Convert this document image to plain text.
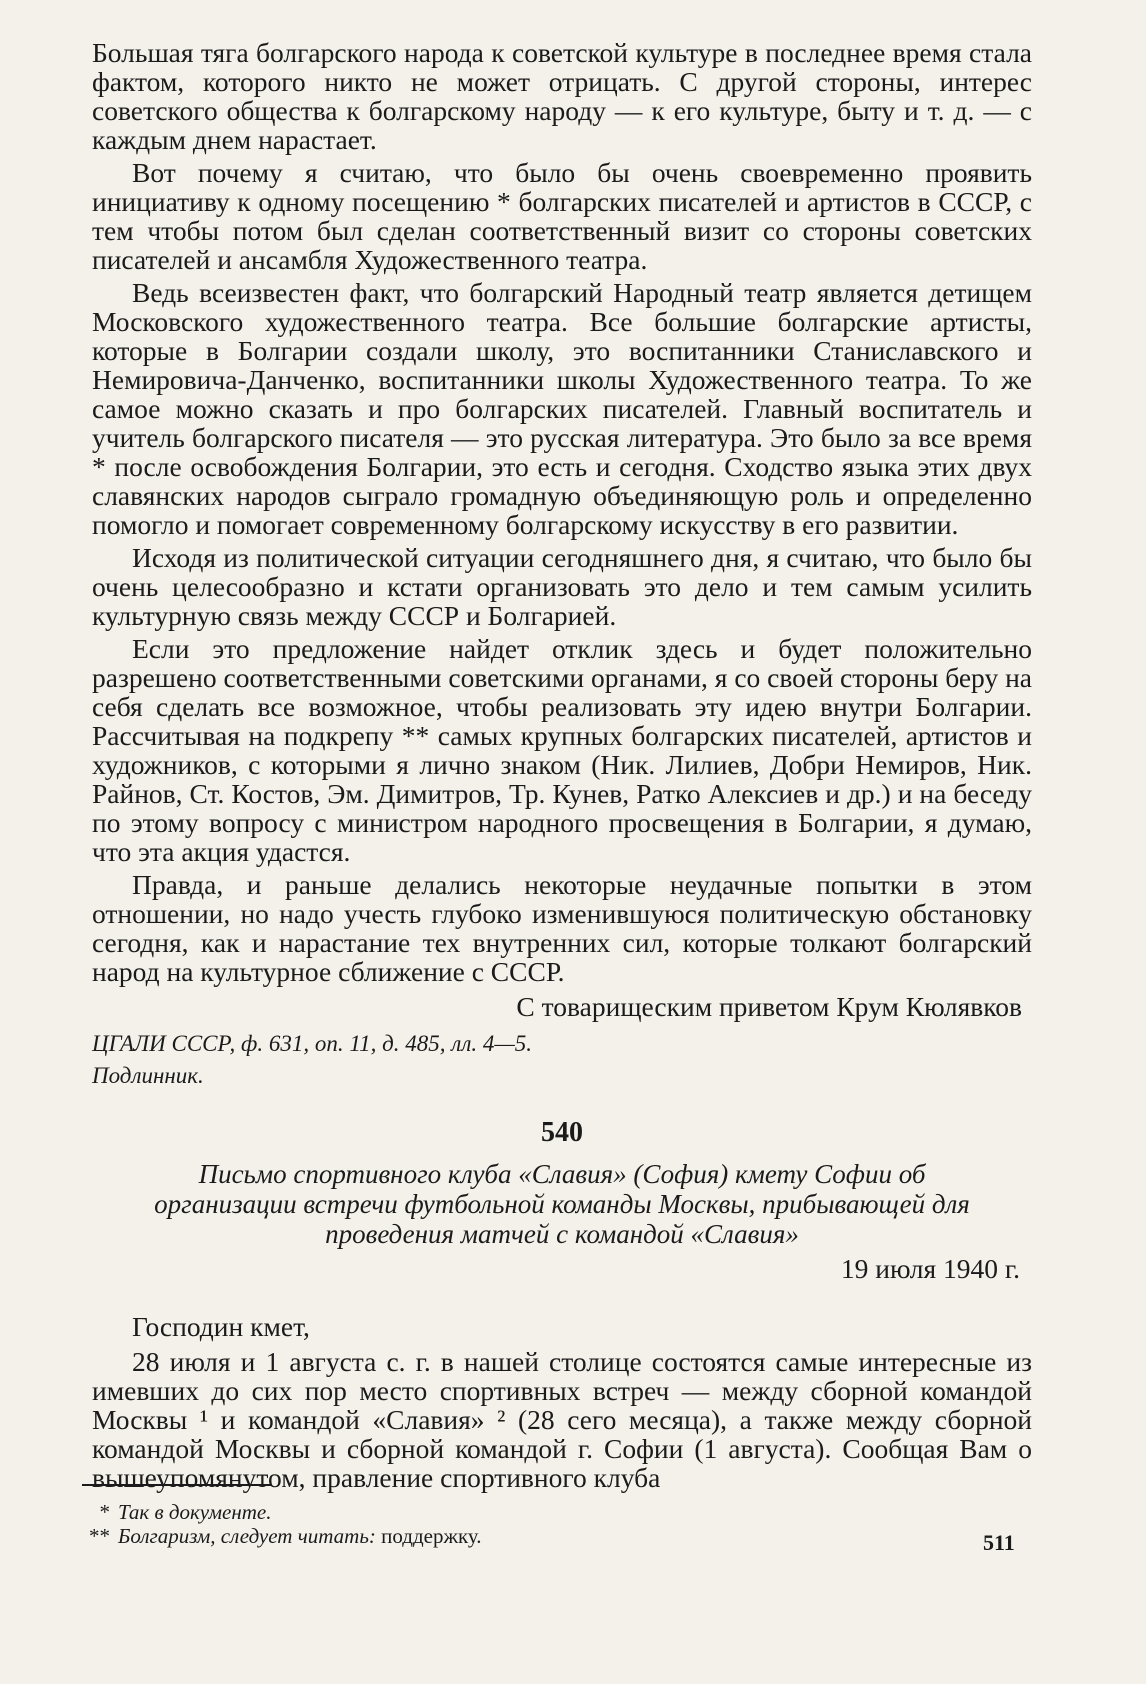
Большая тяга болгарского народа к советской культуре в последнее время стала фактом, которого никто не может отрицать. С другой стороны, интерес советского общества к болгарскому народу — к его культуре, быту и т. д. — с каждым днем нарастает.

Вот почему я считаю, что было бы очень своевременно проявить инициативу к одному посещению * болгарских писателей и артистов в СССР, с тем чтобы потом был сделан соответственный визит со стороны советских писателей и ансамбля Художественного театра.

Ведь всеизвестен факт, что болгарский Народный театр является детищем Московского художественного театра. Все большие болгарские артисты, которые в Болгарии создали школу, это воспитанники Станиславского и Немировича-Данченко, воспитанники школы Художественного театра. То же самое можно сказать и про болгарских писателей. Главный воспитатель и учитель болгарского писателя — это русская литература. Это было за все время * после освобождения Болгарии, это есть и сегодня. Сходство языка этих двух славянских народов сыграло громадную объединяющую роль и определенно помогло и помогает современному болгарскому искусству в его развитии.

Исходя из политической ситуации сегодняшнего дня, я считаю, что было бы очень целесообразно и кстати организовать это дело и тем самым усилить культурную связь между СССР и Болгарией.

Если это предложение найдет отклик здесь и будет положительно разрешено соответственными советскими органами, я со своей стороны беру на себя сделать все возможное, чтобы реализовать эту идею внутри Болгарии. Рассчитывая на подкрепу ** самых крупных болгарских писателей, артистов и художников, с которыми я лично знаком (Ник. Лилиев, Добри Немиров, Ник. Райнов, Ст. Костов, Эм. Димитров, Тр. Кунев, Ратко Алексиев и др.) и на беседу по этому вопросу с министром народного просвещения в Болгарии, я думаю, что эта акция удастся.

Правда, и раньше делались некоторые неудачные попытки в этом отношении, но надо учесть глубоко изменившуюся политическую обстановку сегодня, как и нарастание тех внутренних сил, которые толкают болгарский народ на культурное сближение с СССР.

С товарищеским приветом Крум Кюлявков
ЦГАЛИ СССР, ф. 631, оп. 11, д. 485, лл. 4—5.
Подлинник.
540
Письмо спортивного клуба «Славия» (София) кмету Софии об организации встречи футбольной команды Москвы, прибывающей для проведения матчей с командой «Славия»
19 июля 1940 г.
Господин кмет,

28 июля и 1 августа с. г. в нашей столице состоятся самые интересные из имевших до сих пор место спортивных встреч — между сборной командой Москвы ¹ и командой «Славия» ² (28 сего месяца), а также между сборной командой Москвы и сборной командой г. Софии (1 августа). Сообщая Вам о вышеупомянутом, правление спортивного клуба

* Так в документе.

** Болгаризм, следует читать: поддержку.	511
